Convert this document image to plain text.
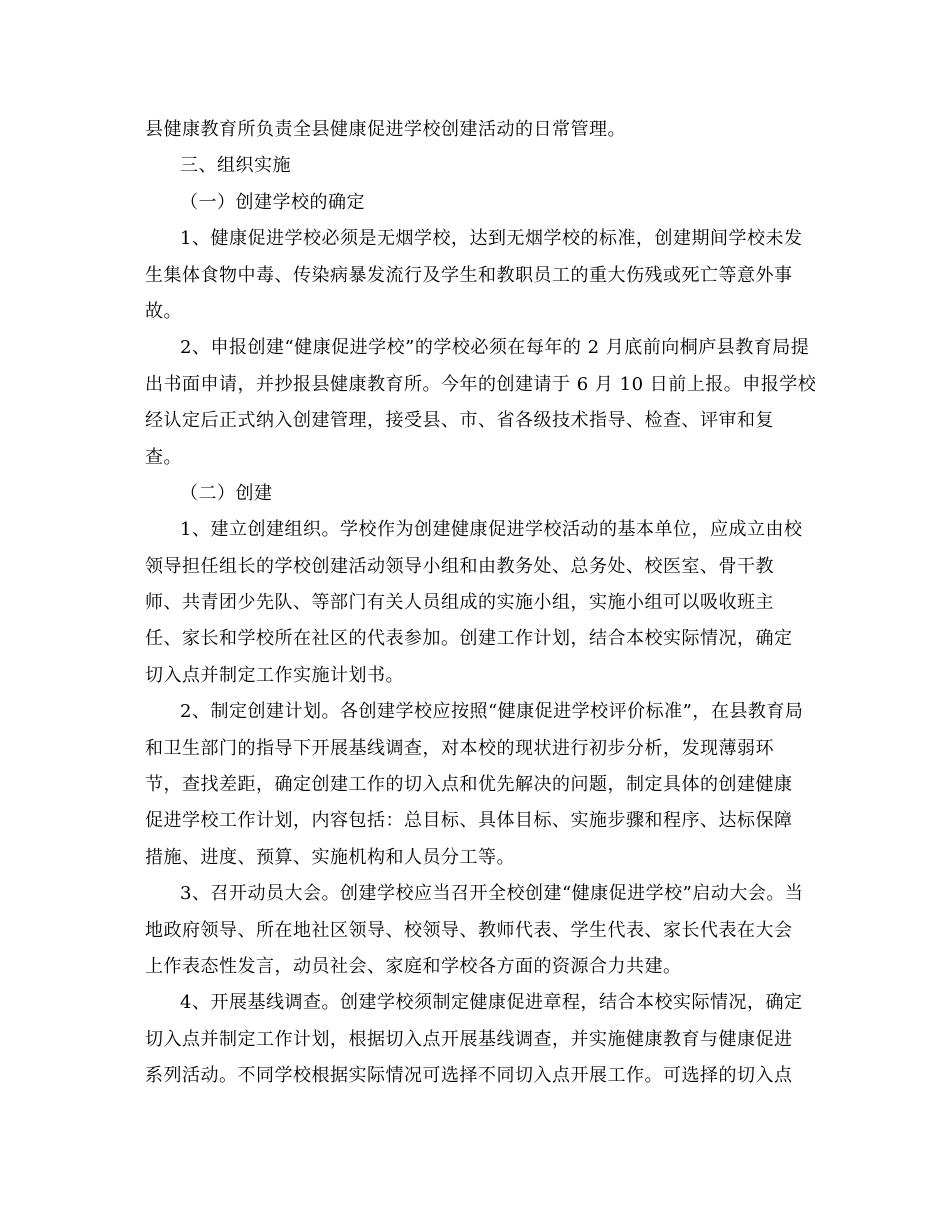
县健康教育所负责全县健康促进学校创建活动的日常管理。
三、组织实施
（一）创建学校的确定
1、健康促进学校必须是无烟学校，达到无烟学校的标准，创建期间学校未发
生集体食物中毒、传染病暴发流行及学生和教职员工的重大伤残或死亡等意外事
故。
2、申报创建“健康促进学校”的学校必须在每年的 2 月底前向桐庐县教育局提
出书面申请，并抄报县健康教育所。今年的创建请于 6 月 10 日前上报。申报学校
经认定后正式纳入创建管理，接受县、市、省各级技术指导、检查、评审和复
查。
（二）创建
1、建立创建组织。学校作为创建健康促进学校活动的基本单位，应成立由校
领导担任组长的学校创建活动领导小组和由教务处、总务处、校医室、骨干教
师、共青团少先队、等部门有关人员组成的实施小组，实施小组可以吸收班主
任、家长和学校所在社区的代表参加。创建工作计划，结合本校实际情况，确定
切入点并制定工作实施计划书。
2、制定创建计划。各创建学校应按照“健康促进学校评价标准”，在县教育局
和卫生部门的指导下开展基线调查，对本校的现状进行初步分析，发现薄弱环
节，查找差距，确定创建工作的切入点和优先解决的问题，制定具体的创建健康
促进学校工作计划，内容包括：总目标、具体目标、实施步骤和程序、达标保障
措施、进度、预算、实施机构和人员分工等。
3、召开动员大会。创建学校应当召开全校创建“健康促进学校”启动大会。当
地政府领导、所在地社区领导、校领导、教师代表、学生代表、家长代表在大会
上作表态性发言，动员社会、家庭和学校各方面的资源合力共建。
4、开展基线调查。创建学校须制定健康促进章程，结合本校实际情况，确定
切入点并制定工作计划，根据切入点开展基线调查，并实施健康教育与健康促进
系列活动。不同学校根据实际情况可选择不同切入点开展工作。可选择的切入点
